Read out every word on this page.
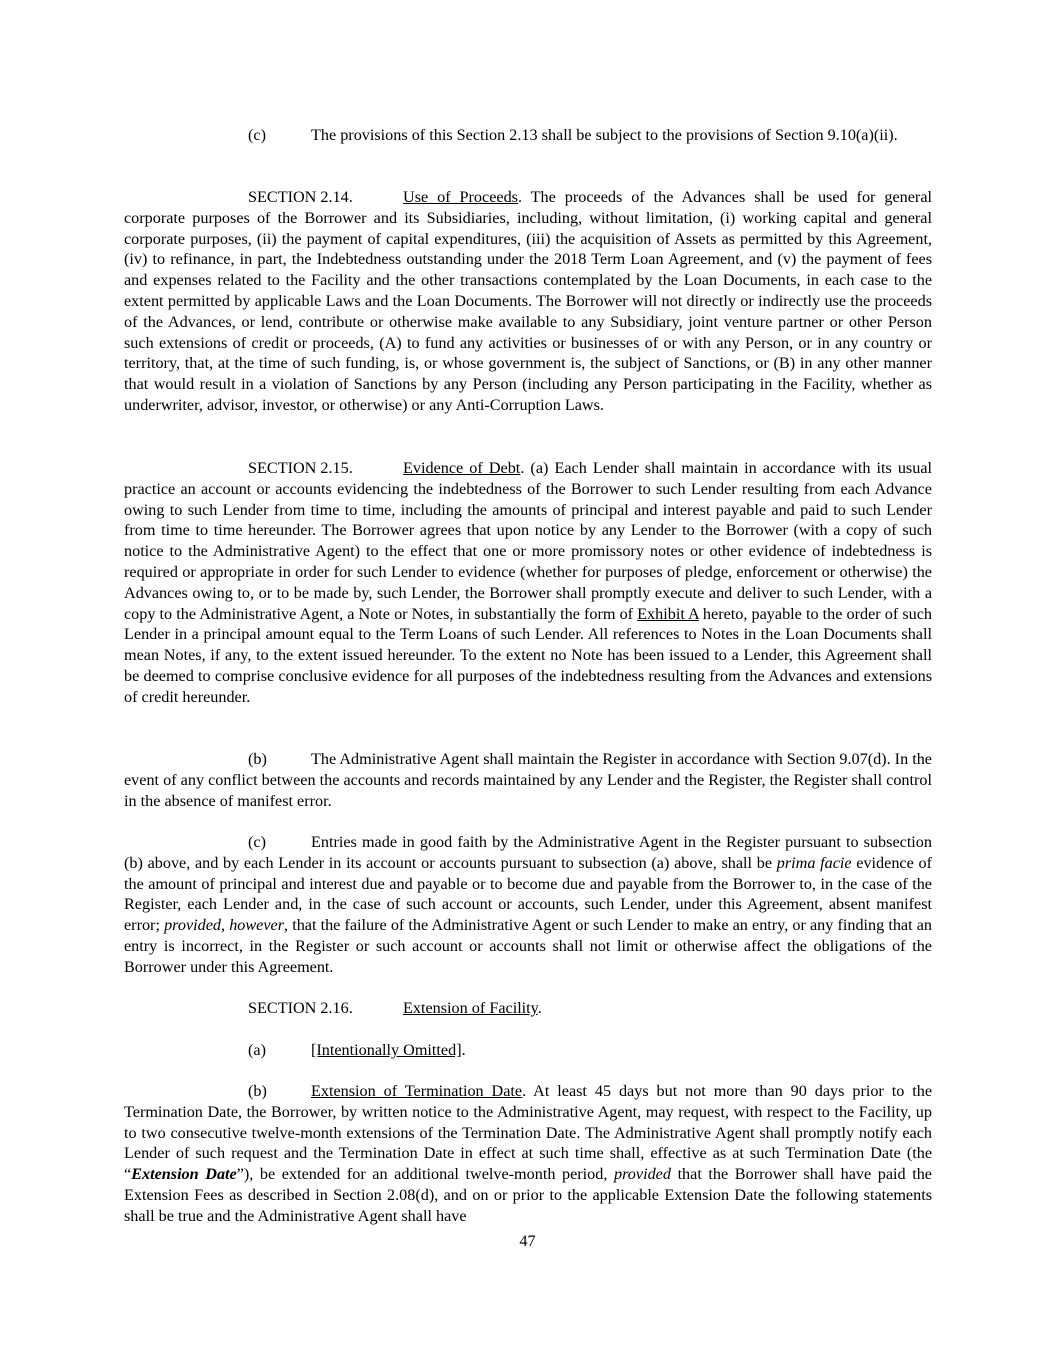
(c)	The provisions of this Section 2.13 shall be subject to the provisions of Section 9.10(a)(ii).

SECTION 2.14.	Use of Proceeds. The proceeds of the Advances shall be used for general corporate purposes of the Borrower and its Subsidiaries, including, without limitation, (i) working capital and general corporate purposes, (ii) the payment of capital expenditures, (iii) the acquisition of Assets as permitted by this Agreement, (iv) to refinance, in part, the Indebtedness outstanding under the 2018 Term Loan Agreement, and (v) the payment of fees and expenses related to the Facility and the other transactions contemplated by the Loan Documents, in each case to the extent permitted by applicable Laws and the Loan Documents. The Borrower will not directly or indirectly use the proceeds of the Advances, or lend, contribute or otherwise make available to any Subsidiary, joint venture partner or other Person such extensions of credit or proceeds, (A) to fund any activities or businesses of or with any Person, or in any country or territory, that, at the time of such funding, is, or whose government is, the subject of Sanctions, or (B) in any other manner that would result in a violation of Sanctions by any Person (including any Person participating in the Facility, whether as underwriter, advisor, investor, or otherwise) or any Anti-Corruption Laws.

SECTION 2.15.	Evidence of Debt. (a) Each Lender shall maintain in accordance with its usual practice an account or accounts evidencing the indebtedness of the Borrower to such Lender resulting from each Advance owing to such Lender from time to time, including the amounts of principal and interest payable and paid to such Lender from time to time hereunder. The Borrower agrees that upon notice by any Lender to the Borrower (with a copy of such notice to the Administrative Agent) to the effect that one or more promissory notes or other evidence of indebtedness is required or appropriate in order for such Lender to evidence (whether for purposes of pledge, enforcement or otherwise) the Advances owing to, or to be made by, such Lender, the Borrower shall promptly execute and deliver to such Lender, with a copy to the Administrative Agent, a Note or Notes, in substantially the form of Exhibit A hereto, payable to the order of such Lender in a principal amount equal to the Term Loans of such Lender. All references to Notes in the Loan Documents shall mean Notes, if any, to the extent issued hereunder. To the extent no Note has been issued to a Lender, this Agreement shall be deemed to comprise conclusive evidence for all purposes of the indebtedness resulting from the Advances and extensions of credit hereunder.

(b)	The Administrative Agent shall maintain the Register in accordance with Section 9.07(d). In the event of any conflict between the accounts and records maintained by any Lender and the Register, the Register shall control in the absence of manifest error.

(c)	Entries made in good faith by the Administrative Agent in the Register pursuant to subsection (b) above, and by each Lender in its account or accounts pursuant to subsection (a) above, shall be prima facie evidence of the amount of principal and interest due and payable or to become due and payable from the Borrower to, in the case of the Register, each Lender and, in the case of such account or accounts, such Lender, under this Agreement, absent manifest error; provided, however, that the failure of the Administrative Agent or such Lender to make an entry, or any finding that an entry is incorrect, in the Register or such account or accounts shall not limit or otherwise affect the obligations of the Borrower under this Agreement.

SECTION 2.16.	Extension of Facility.

(a)	[Intentionally Omitted].

(b)	Extension of Termination Date. At least 45 days but not more than 90 days prior to the Termination Date, the Borrower, by written notice to the Administrative Agent, may request, with respect to the Facility, up to two consecutive twelve-month extensions of the Termination Date. The Administrative Agent shall promptly notify each Lender of such request and the Termination Date in effect at such time shall, effective as at such Termination Date (the “Extension Date”), be extended for an additional twelve-month period, provided that the Borrower shall have paid the Extension Fees as described in Section 2.08(d), and on or prior to the applicable Extension Date the following statements shall be true and the Administrative Agent shall have

47
